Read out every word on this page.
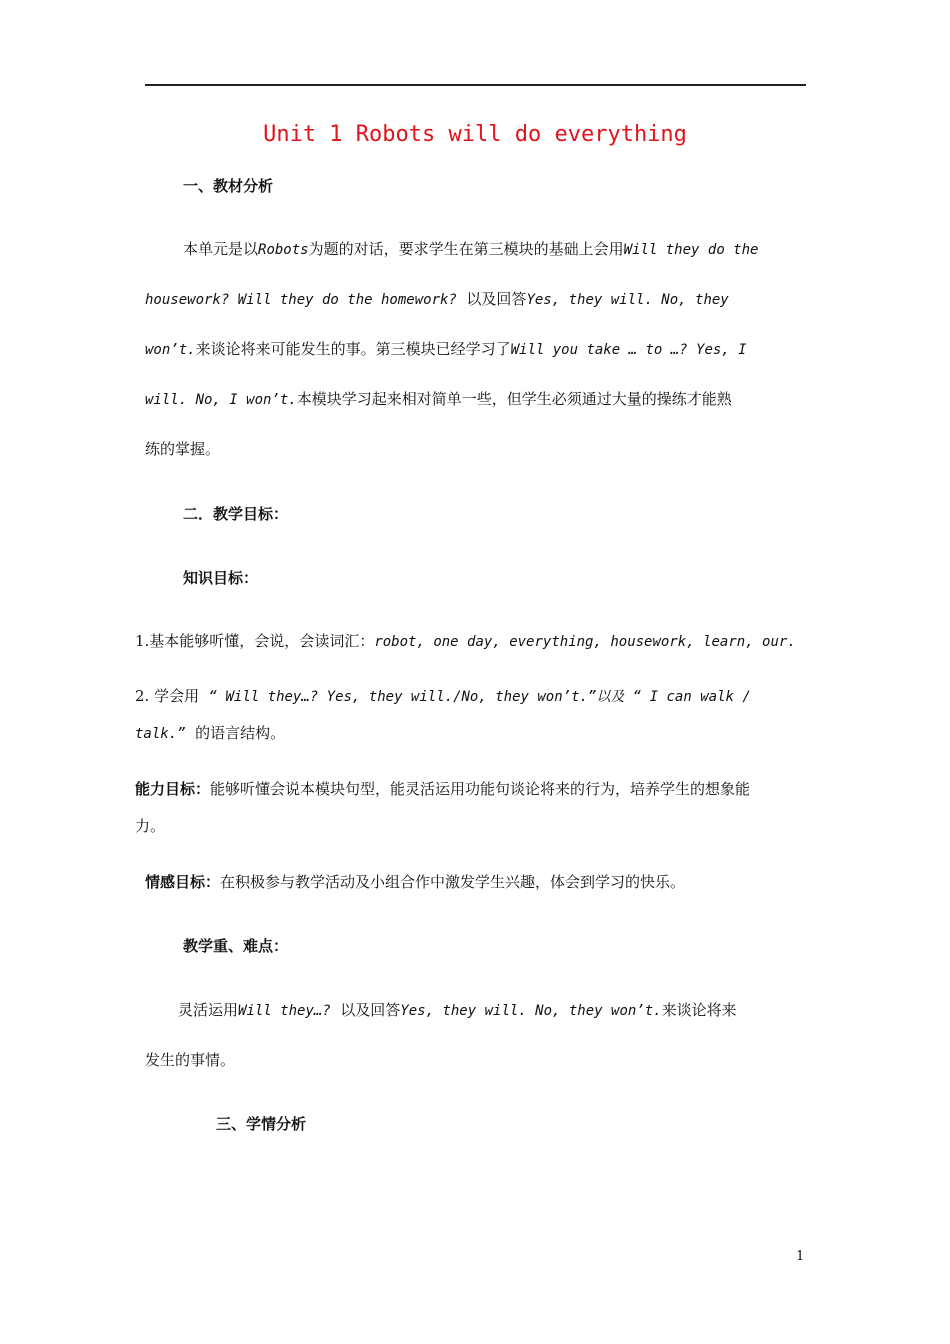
Unit 1 Robots will do everything
一、教材分析
本单元是以Robots为题的对话，要求学生在第三模块的基础上会用Will they do the
housework? Will they do the homework? 以及回答Yes, they will. No, they
won’t.来谈论将来可能发生的事。第三模块已经学习了Will you take … to …? Yes, I
will. No, I won’t.本模块学习起来相对简单一些，但学生必须通过大量的操练才能熟
练的掌握。
二．教学目标：
知识目标：
1.基本能够听懂，会说，会读词汇：robot, one day, everything, housework, learn, our.
2. 学会用 “ Will they…? Yes, they will./No, they won’t.”以及 “ I can walk /
talk.” 的语言结构。
能力目标：能够听懂会说本模块句型，能灵活运用功能句谈论将来的行为，培养学生的想象能
力。
情感目标：在积极参与教学活动及小组合作中激发学生兴趣，体会到学习的快乐。
教学重、难点：
灵活运用Will they…? 以及回答Yes, they will. No, they won’t.来谈论将来
发生的事情。
三、学情分析
1
